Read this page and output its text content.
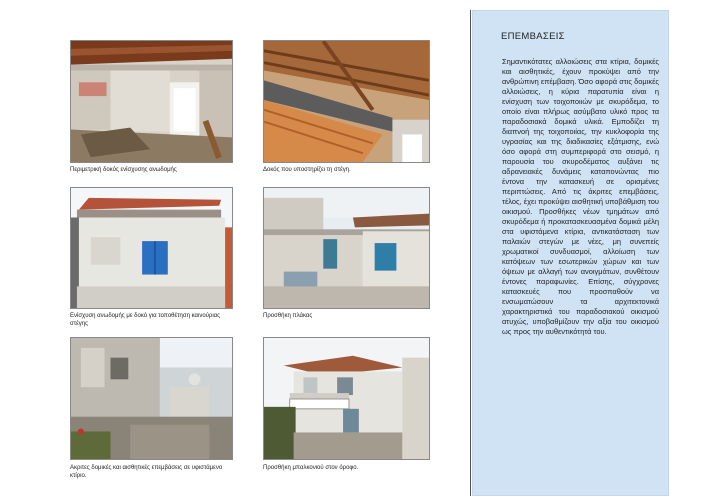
Περιμετρική δοκός ενίσχυσης ανωδομής	Δοκός που υποστηρίζει τη στέγη.
Ενίσχυση ανωδομής με δοκό για τοποθέτηση καινούριας στέγης
Προσθήκη πλάκας
Ακριτες δομικές και αισθητικές επεμβάσεις σε υφιστάμενο κτίριο.
Προσθήκη μπαλκονιού στον όροφο.
ΕΠΕΜΒΑΣΕΙΣ

Σημαντικότατες αλλοιώσεις στα κτίρια, δομικές και αισθητικές, έχουν προκύψει από την ανθρώπινη επέμβαση. Όσο αφορά στις δομικές αλλοιώσεις, η κύρια παρατυπία είναι η ενίσχυση των τοιχοποιιών με σκυρόδεμα, το οποίο είναι πλήρως ασύμβατο υλικό προς τα παραδοσιακά δομικά υλικά. Εμποδίζει τη διαπνοή της τοιχοποιίας, την κυκλοφορία της υγρασίας και της διαδικασίες εξάτμισης, ενώ όσο αφορά στη συμπεριφορά στο σεισμό, η παρουσία του σκυροδέματος αυξάνει τις αδρανειακές δυνάμεις καταπονώντας πιο έντονα την κατασκευή σε ορισμένες περιπτώσεις. Από τις άκριτες επεμβάσεις, τέλος, έχει προκύψει αισθητική υποβάθμιση του οικισμού. Προσθήκες νέων τμημάτων από σκυρόδεμα ή προκατασκευασμένα δομικά μέλη στα υφιστάμενα κτίρια, αντικατάσταση των παλαιών στεγών με νέες, μη συνεπείς χρωματικοί συνδυασμοί, αλλοίωση των κατόψεων των εσωτερικών χώρων και των όψεων με αλλαγή των ανοιγμάτων, συνθέτουν έντονες παραφωνίες. Επίσης, σύγχρονες κατασκευές που προσπαθούν να ενσωματώσουν τα αρχιτεκτονικά χαρακτηριστικά του παραδοσιακού οικισμού ατυχώς, υποβαθμίζουν την αξία του οικισμού ως προς την αυθεντικότητά του.
